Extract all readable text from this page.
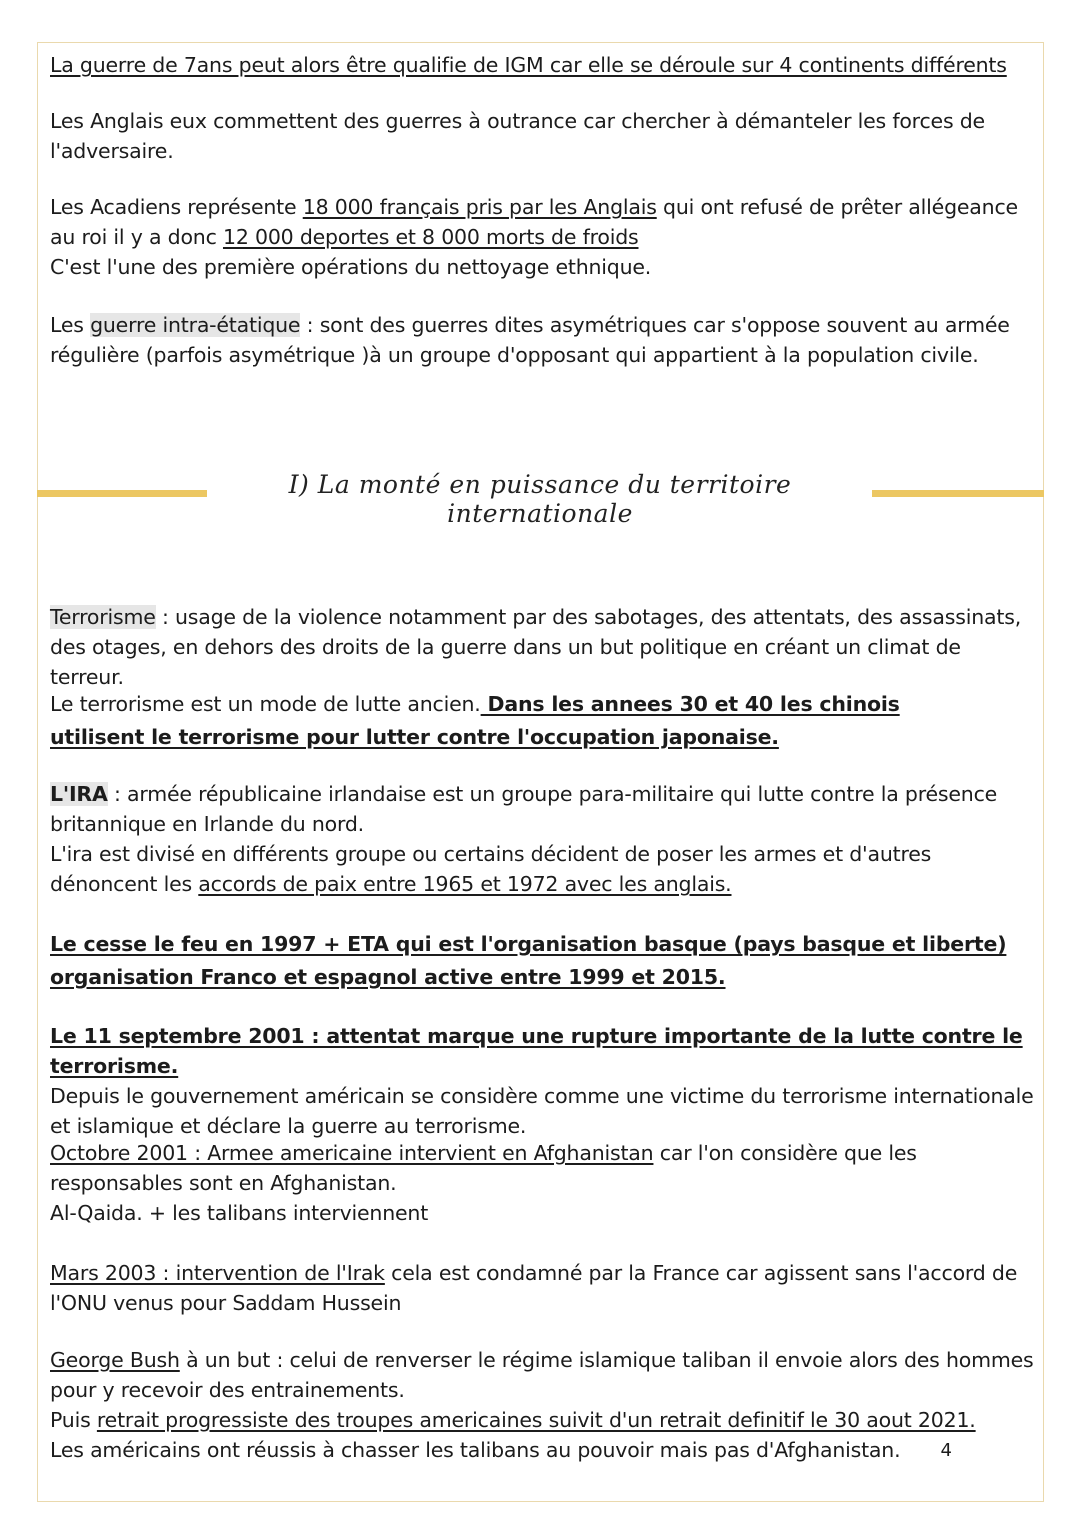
La guerre de 7ans peut alors être qualifie de IGM car elle se déroule sur 4 continents différents

Les Anglais eux commettent des guerres à outrance car chercher à démanteler les forces de l'adversaire.

Les Acadiens représente 18 000 français pris par les Anglais qui ont refusé de prêter allégeance au roi il y a donc 12 000 deportes et 8 000 morts de froids
C'est l'une des première opérations du nettoyage ethnique.

Les guerre intra-étatique : sont des guerres dites asymétriques car s'oppose souvent au armée régulière (parfois asymétrique )à un groupe d'opposant qui appartient à la population civile.

I) La monté en puissance du territoire internationale

Terrorisme : usage de la violence notamment par des sabotages, des attentats, des assassinats, des otages, en dehors des droits de la guerre dans un but politique en créant un climat de terreur.

Le terrorisme est un mode de lutte ancien. Dans les annees 30 et 40 les chinois utilisent le terrorisme pour lutter contre l'occupation japonaise.

L'IRA : armée républicaine irlandaise est un groupe para-militaire qui lutte contre la présence britannique en Irlande du nord.
L'ira est divisé en différents groupe ou certains décident de poser les armes et d'autres dénoncent les accords de paix entre 1965 et 1972 avec les anglais.

Le cesse le feu en 1997 + ETA qui est l'organisation basque (pays basque et liberte) organisation Franco et espagnol active entre 1999 et 2015.

Le 11 septembre 2001 : attentat marque une rupture importante de la lutte contre le terrorisme.
Depuis le gouvernement américain se considère comme une victime du terrorisme internationale et islamique et déclare la guerre au terrorisme.

Octobre 2001 : Armee americaine intervient en Afghanistan car l'on considère que les responsables sont en Afghanistan.
Al-Qaida. + les talibans interviennent

Mars 2003 : intervention de l'Irak cela est condamné par la France car agissent sans l'accord de l'ONU venus pour Saddam Hussein

George Bush à un but : celui de renverser le régime islamique taliban il envoie alors des hommes pour y recevoir des entrainements.
Puis retrait progressiste des troupes americaines suivit d'un retrait definitif le 30 aout 2021.
Les américains ont réussis à chasser les talibans au pouvoir mais pas d'Afghanistan.	4
